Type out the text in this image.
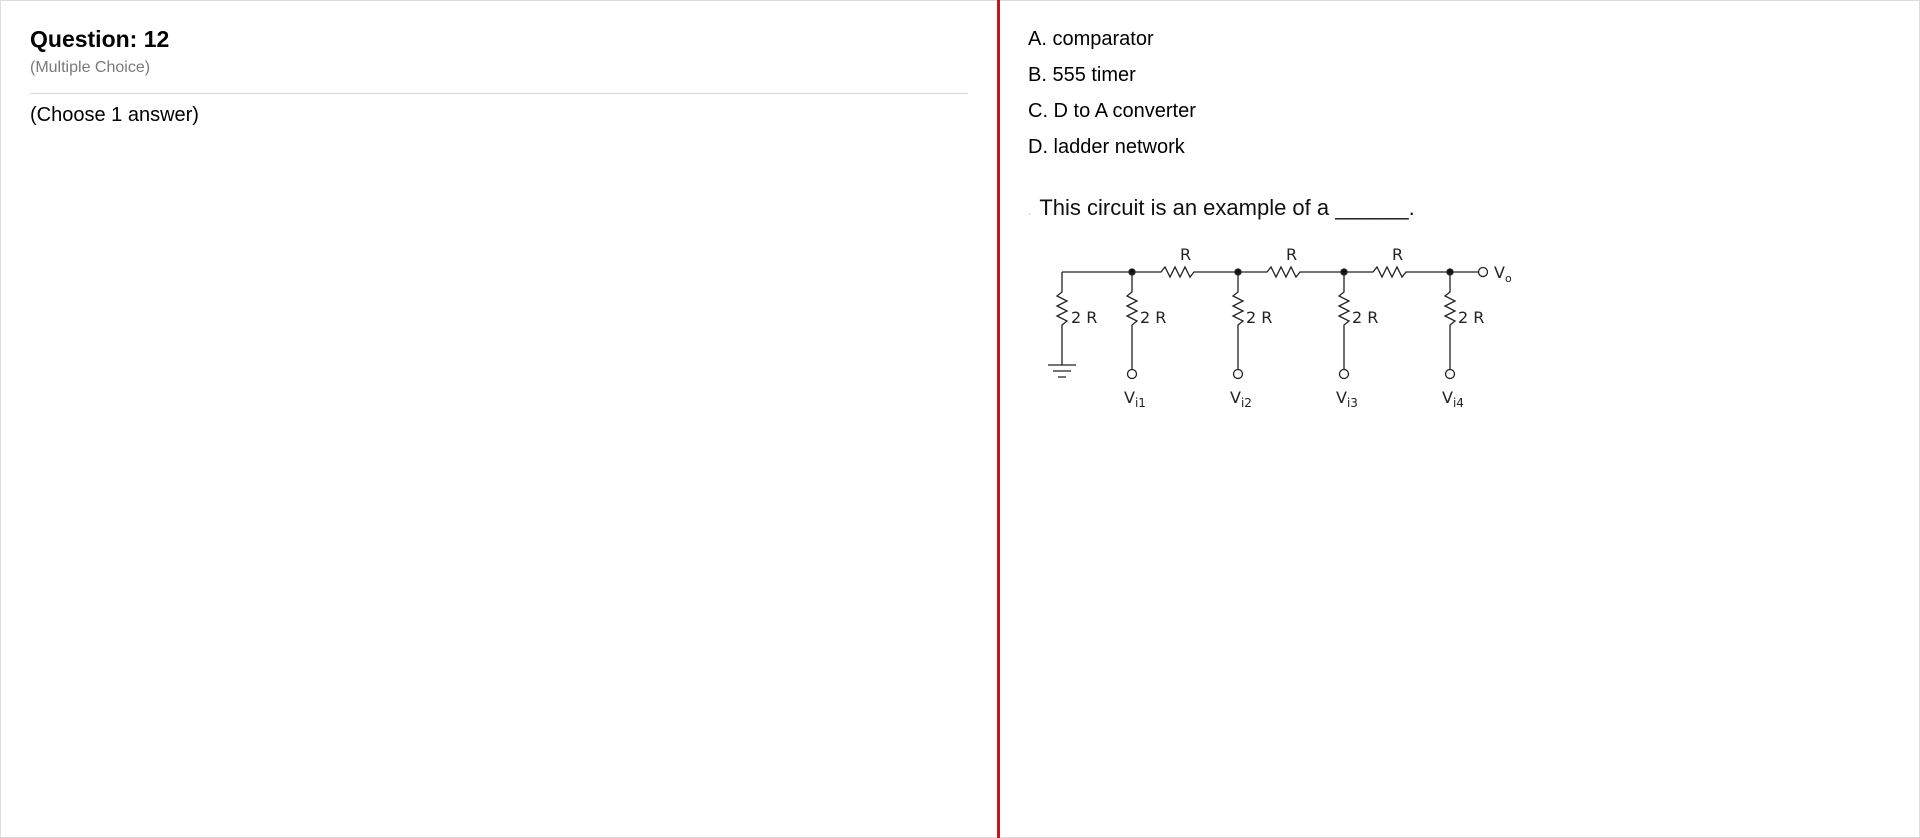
Question: 12
(Multiple Choice)
(Choose 1 answer)
A. comparator
B. 555 timer
C. D to A converter
D. ladder network
. This circuit is an example of a ______.
R	R	R
2 R	2 R	2 R	2 R	2 R
$V_o$
$V_{i1}$	$V_{i2}$	$V_{i3}$	$V_{i4}$
